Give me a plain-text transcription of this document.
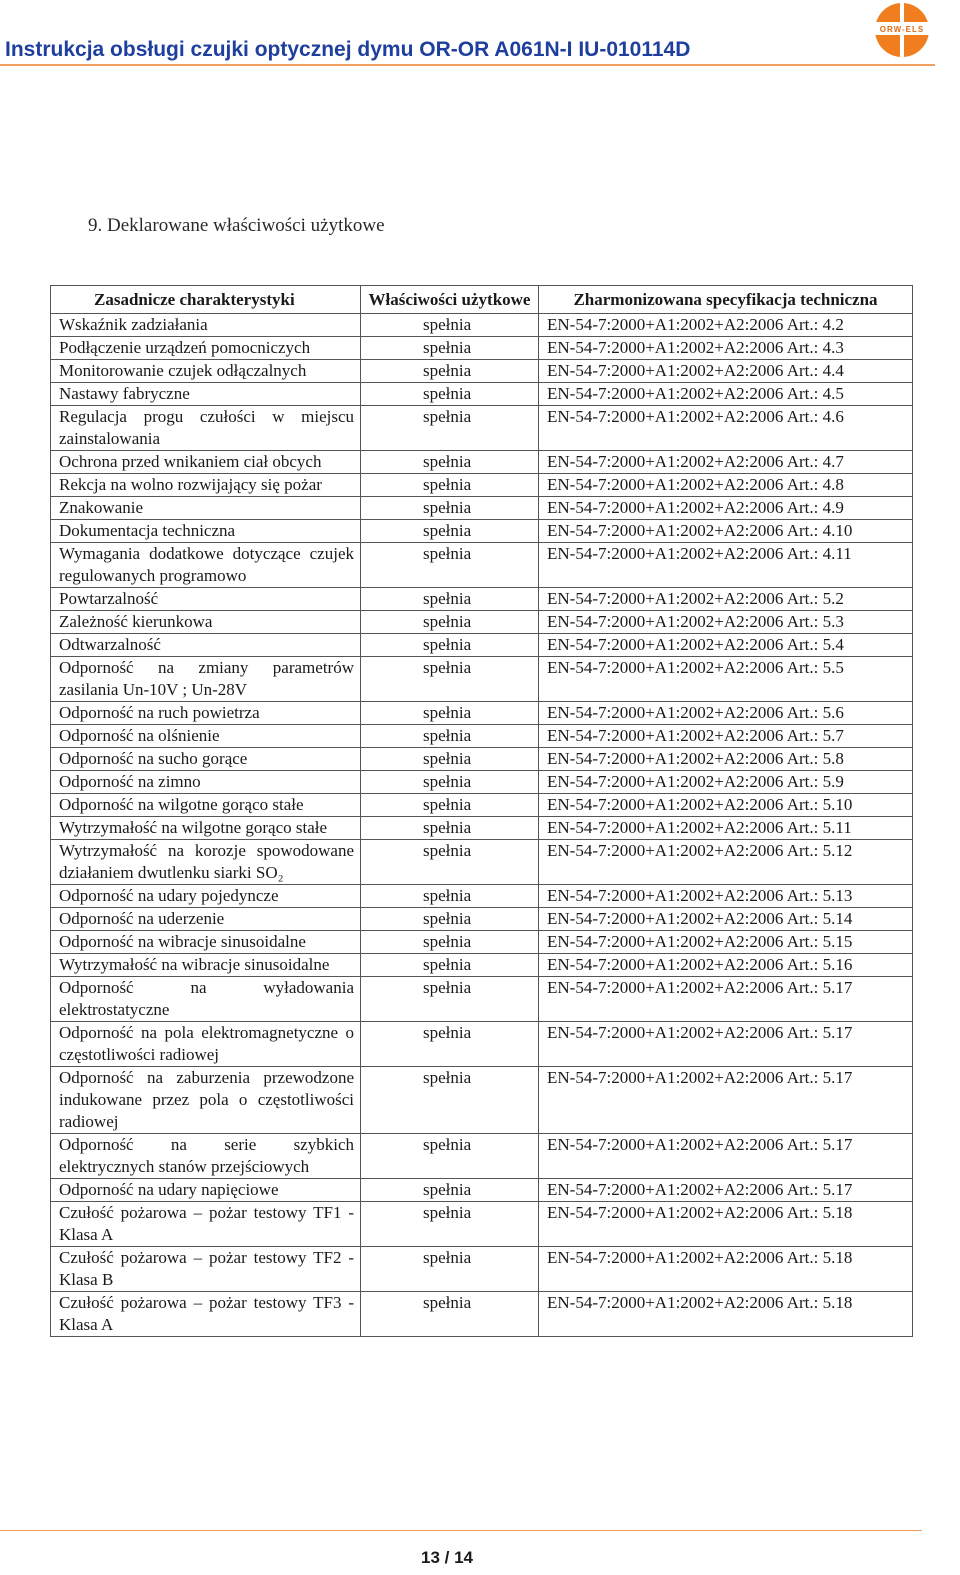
Instrukcja obsługi czujki optycznej dymu OR-OR A061N-I IU-010114D
ORW-ELS
9. Deklarowane właściwości użytkowe
Zasadnicze charakterystyki	Właściwości użytkowe	Zharmonizowana specyfikacja techniczna
Wskaźnik zadziałania	spełnia	EN-54-7:2000+A1:2002+A2:2006 Art.: 4.2
Podłączenie urządzeń pomocniczych	spełnia	EN-54-7:2000+A1:2002+A2:2006 Art.: 4.3
Monitorowanie czujek odłączalnych	spełnia	EN-54-7:2000+A1:2002+A2:2006 Art.: 4.4
Nastawy fabryczne	spełnia	EN-54-7:2000+A1:2002+A2:2006 Art.: 4.5
Regulacja progu czułości w miejscu zainstalowania	spełnia	EN-54-7:2000+A1:2002+A2:2006 Art.: 4.6
Ochrona przed wnikaniem ciał obcych	spełnia	EN-54-7:2000+A1:2002+A2:2006 Art.: 4.7
Rekcja na wolno rozwijający się pożar	spełnia	EN-54-7:2000+A1:2002+A2:2006 Art.: 4.8
Znakowanie	spełnia	EN-54-7:2000+A1:2002+A2:2006 Art.: 4.9
Dokumentacja techniczna	spełnia	EN-54-7:2000+A1:2002+A2:2006 Art.: 4.10
Wymagania dodatkowe dotyczące czujek regulowanych programowo	spełnia	EN-54-7:2000+A1:2002+A2:2006 Art.: 4.11
Powtarzalność	spełnia	EN-54-7:2000+A1:2002+A2:2006 Art.: 5.2
Zależność kierunkowa	spełnia	EN-54-7:2000+A1:2002+A2:2006 Art.: 5.3
Odtwarzalność	spełnia	EN-54-7:2000+A1:2002+A2:2006 Art.: 5.4
Odporność na zmiany parametrów zasilania Un-10V ; Un-28V	spełnia	EN-54-7:2000+A1:2002+A2:2006 Art.: 5.5
Odporność na ruch powietrza	spełnia	EN-54-7:2000+A1:2002+A2:2006 Art.: 5.6
Odporność na olśnienie	spełnia	EN-54-7:2000+A1:2002+A2:2006 Art.: 5.7
Odporność na sucho gorące	spełnia	EN-54-7:2000+A1:2002+A2:2006 Art.: 5.8
Odporność na zimno	spełnia	EN-54-7:2000+A1:2002+A2:2006 Art.: 5.9
Odporność na wilgotne gorąco stałe	spełnia	EN-54-7:2000+A1:2002+A2:2006 Art.: 5.10
Wytrzymałość na wilgotne gorąco stałe	spełnia	EN-54-7:2000+A1:2002+A2:2006 Art.: 5.11
Wytrzymałość na korozje spowodowane działaniem dwutlenku siarki SO₂	spełnia	EN-54-7:2000+A1:2002+A2:2006 Art.: 5.12
Odporność na udary pojedyncze	spełnia	EN-54-7:2000+A1:2002+A2:2006 Art.: 5.13
Odporność na uderzenie	spełnia	EN-54-7:2000+A1:2002+A2:2006 Art.: 5.14
Odporność na wibracje sinusoidalne	spełnia	EN-54-7:2000+A1:2002+A2:2006 Art.: 5.15
Wytrzymałość na wibracje sinusoidalne	spełnia	EN-54-7:2000+A1:2002+A2:2006 Art.: 5.16
Odporność na wyładowania elektrostatyczne	spełnia	EN-54-7:2000+A1:2002+A2:2006 Art.: 5.17
Odporność na pola elektromagnetyczne o częstotliwości radiowej	spełnia	EN-54-7:2000+A1:2002+A2:2006 Art.: 5.17
Odporność na zaburzenia przewodzone indukowane przez pola o częstotliwości radiowej	spełnia	EN-54-7:2000+A1:2002+A2:2006 Art.: 5.17
Odporność na serie szybkich elektrycznych stanów przejściowych	spełnia	EN-54-7:2000+A1:2002+A2:2006 Art.: 5.17
Odporność na udary napięciowe	spełnia	EN-54-7:2000+A1:2002+A2:2006 Art.: 5.17
Czułość pożarowa – pożar testowy TF1 - Klasa A	spełnia	EN-54-7:2000+A1:2002+A2:2006 Art.: 5.18
Czułość pożarowa – pożar testowy TF2 - Klasa B	spełnia	EN-54-7:2000+A1:2002+A2:2006 Art.: 5.18
Czułość pożarowa – pożar testowy TF3 - Klasa A	spełnia	EN-54-7:2000+A1:2002+A2:2006 Art.: 5.18
13 / 14
